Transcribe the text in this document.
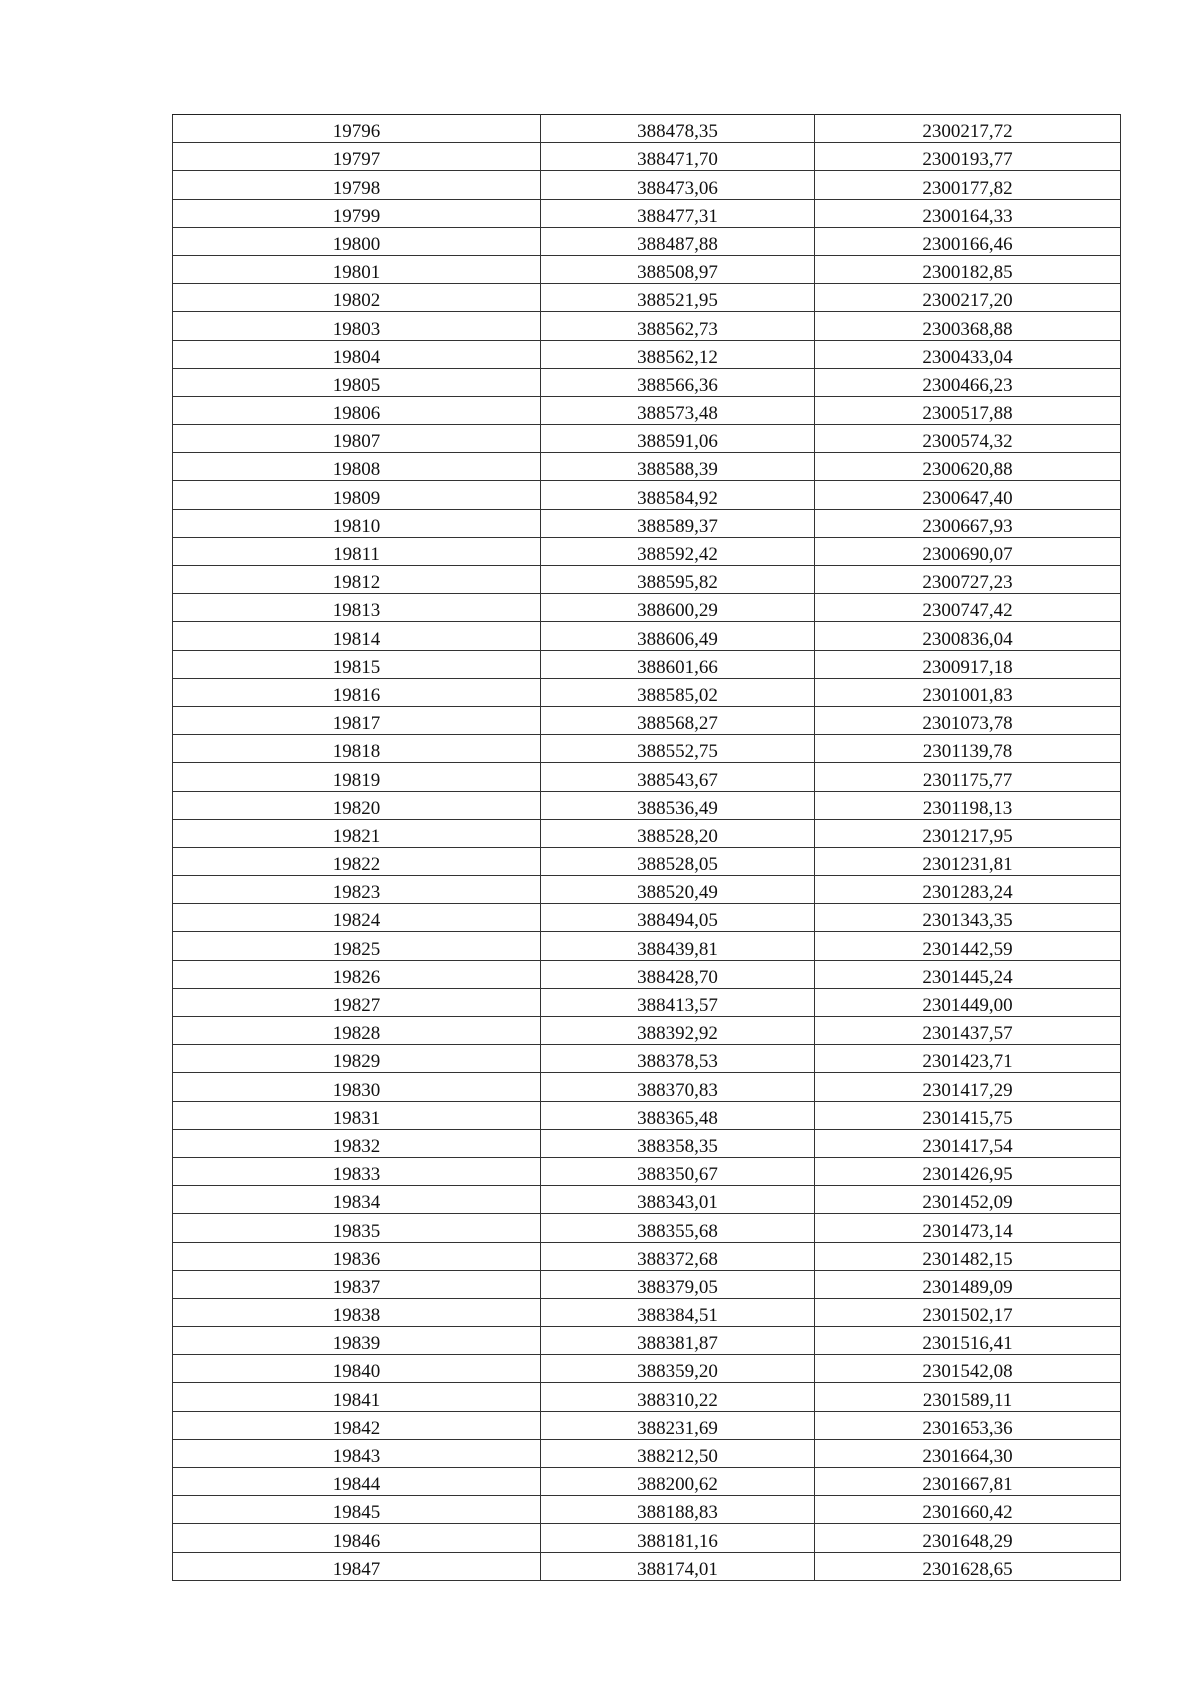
19796	388478,35	2300217,72
19797	388471,70	2300193,77
19798	388473,06	2300177,82
19799	388477,31	2300164,33
19800	388487,88	2300166,46
19801	388508,97	2300182,85
19802	388521,95	2300217,20
19803	388562,73	2300368,88
19804	388562,12	2300433,04
19805	388566,36	2300466,23
19806	388573,48	2300517,88
19807	388591,06	2300574,32
19808	388588,39	2300620,88
19809	388584,92	2300647,40
19810	388589,37	2300667,93
19811	388592,42	2300690,07
19812	388595,82	2300727,23
19813	388600,29	2300747,42
19814	388606,49	2300836,04
19815	388601,66	2300917,18
19816	388585,02	2301001,83
19817	388568,27	2301073,78
19818	388552,75	2301139,78
19819	388543,67	2301175,77
19820	388536,49	2301198,13
19821	388528,20	2301217,95
19822	388528,05	2301231,81
19823	388520,49	2301283,24
19824	388494,05	2301343,35
19825	388439,81	2301442,59
19826	388428,70	2301445,24
19827	388413,57	2301449,00
19828	388392,92	2301437,57
19829	388378,53	2301423,71
19830	388370,83	2301417,29
19831	388365,48	2301415,75
19832	388358,35	2301417,54
19833	388350,67	2301426,95
19834	388343,01	2301452,09
19835	388355,68	2301473,14
19836	388372,68	2301482,15
19837	388379,05	2301489,09
19838	388384,51	2301502,17
19839	388381,87	2301516,41
19840	388359,20	2301542,08
19841	388310,22	2301589,11
19842	388231,69	2301653,36
19843	388212,50	2301664,30
19844	388200,62	2301667,81
19845	388188,83	2301660,42
19846	388181,16	2301648,29
19847	388174,01	2301628,65
